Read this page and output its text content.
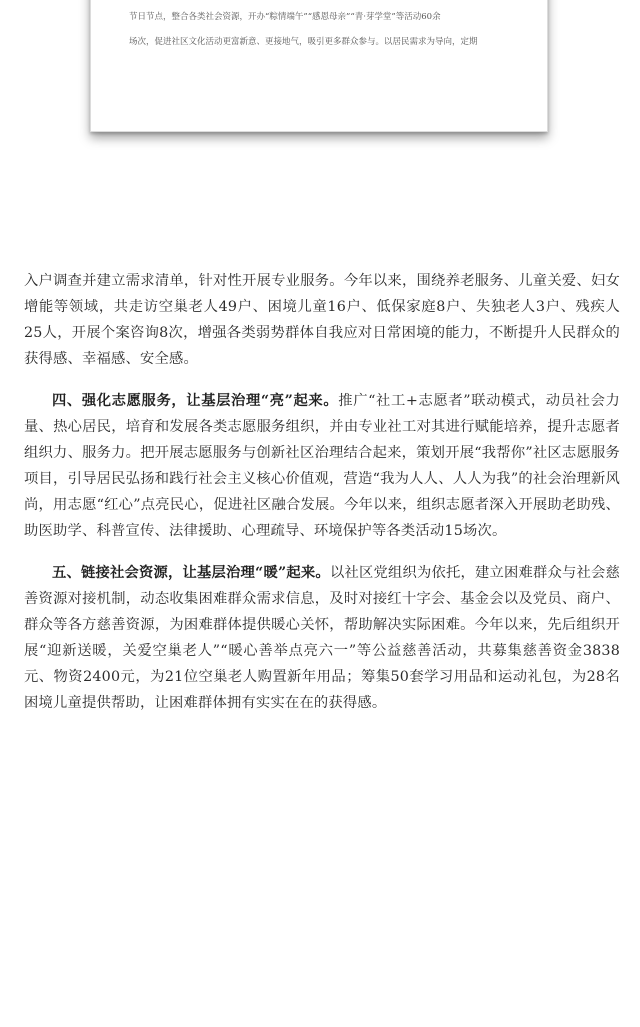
节日节点，整合各类社会资源，开办“粽情端午”“感恩母亲”“青·芽学堂”等活动60余
场次，促进社区文化活动更富新意、更接地气，吸引更多群众参与。以居民需求为导向，定期

入户调查并建立需求清单，针对性开展专业服务。今年以来，围绕养老服务、儿童关爱、妇女增能等领域，共走访空巢老人49户、困境儿童16户、低保家庭8户、失独老人3户、残疾人25人，开展个案咨询8次，增强各类弱势群体自我应对日常困境的能力，不断提升人民群众的获得感、幸福感、安全感。

四、强化志愿服务，让基层治理“亮”起来。推广“社工+志愿者”联动模式，动员社会力量、热心居民，培育和发展各类志愿服务组织，并由专业社工对其进行赋能培养，提升志愿者组织力、服务力。把开展志愿服务与创新社区治理结合起来，策划开展“我帮你”社区志愿服务项目，引导居民弘扬和践行社会主义核心价值观，营造“我为人人、人人为我”的社会治理新风尚，用志愿“红心”点亮民心，促进社区融合发展。今年以来，组织志愿者深入开展助老助残、助医助学、科普宣传、法律援助、心理疏导、环境保护等各类活动15场次。

五、链接社会资源，让基层治理“暖”起来。以社区党组织为依托，建立困难群众与社会慈善资源对接机制，动态收集困难群众需求信息，及时对接红十字会、基金会以及党员、商户、群众等各方慈善资源，为困难群体提供暖心关怀，帮助解决实际困难。今年以来，先后组织开展“迎新送暖，关爱空巢老人”“暖心善举点亮六一”等公益慈善活动，共募集慈善资金3838元、物资2400元，为21位空巢老人购置新年用品；筹集50套学习用品和运动礼包，为28名困境儿童提供帮助，让困难群体拥有实实在在的获得感。
